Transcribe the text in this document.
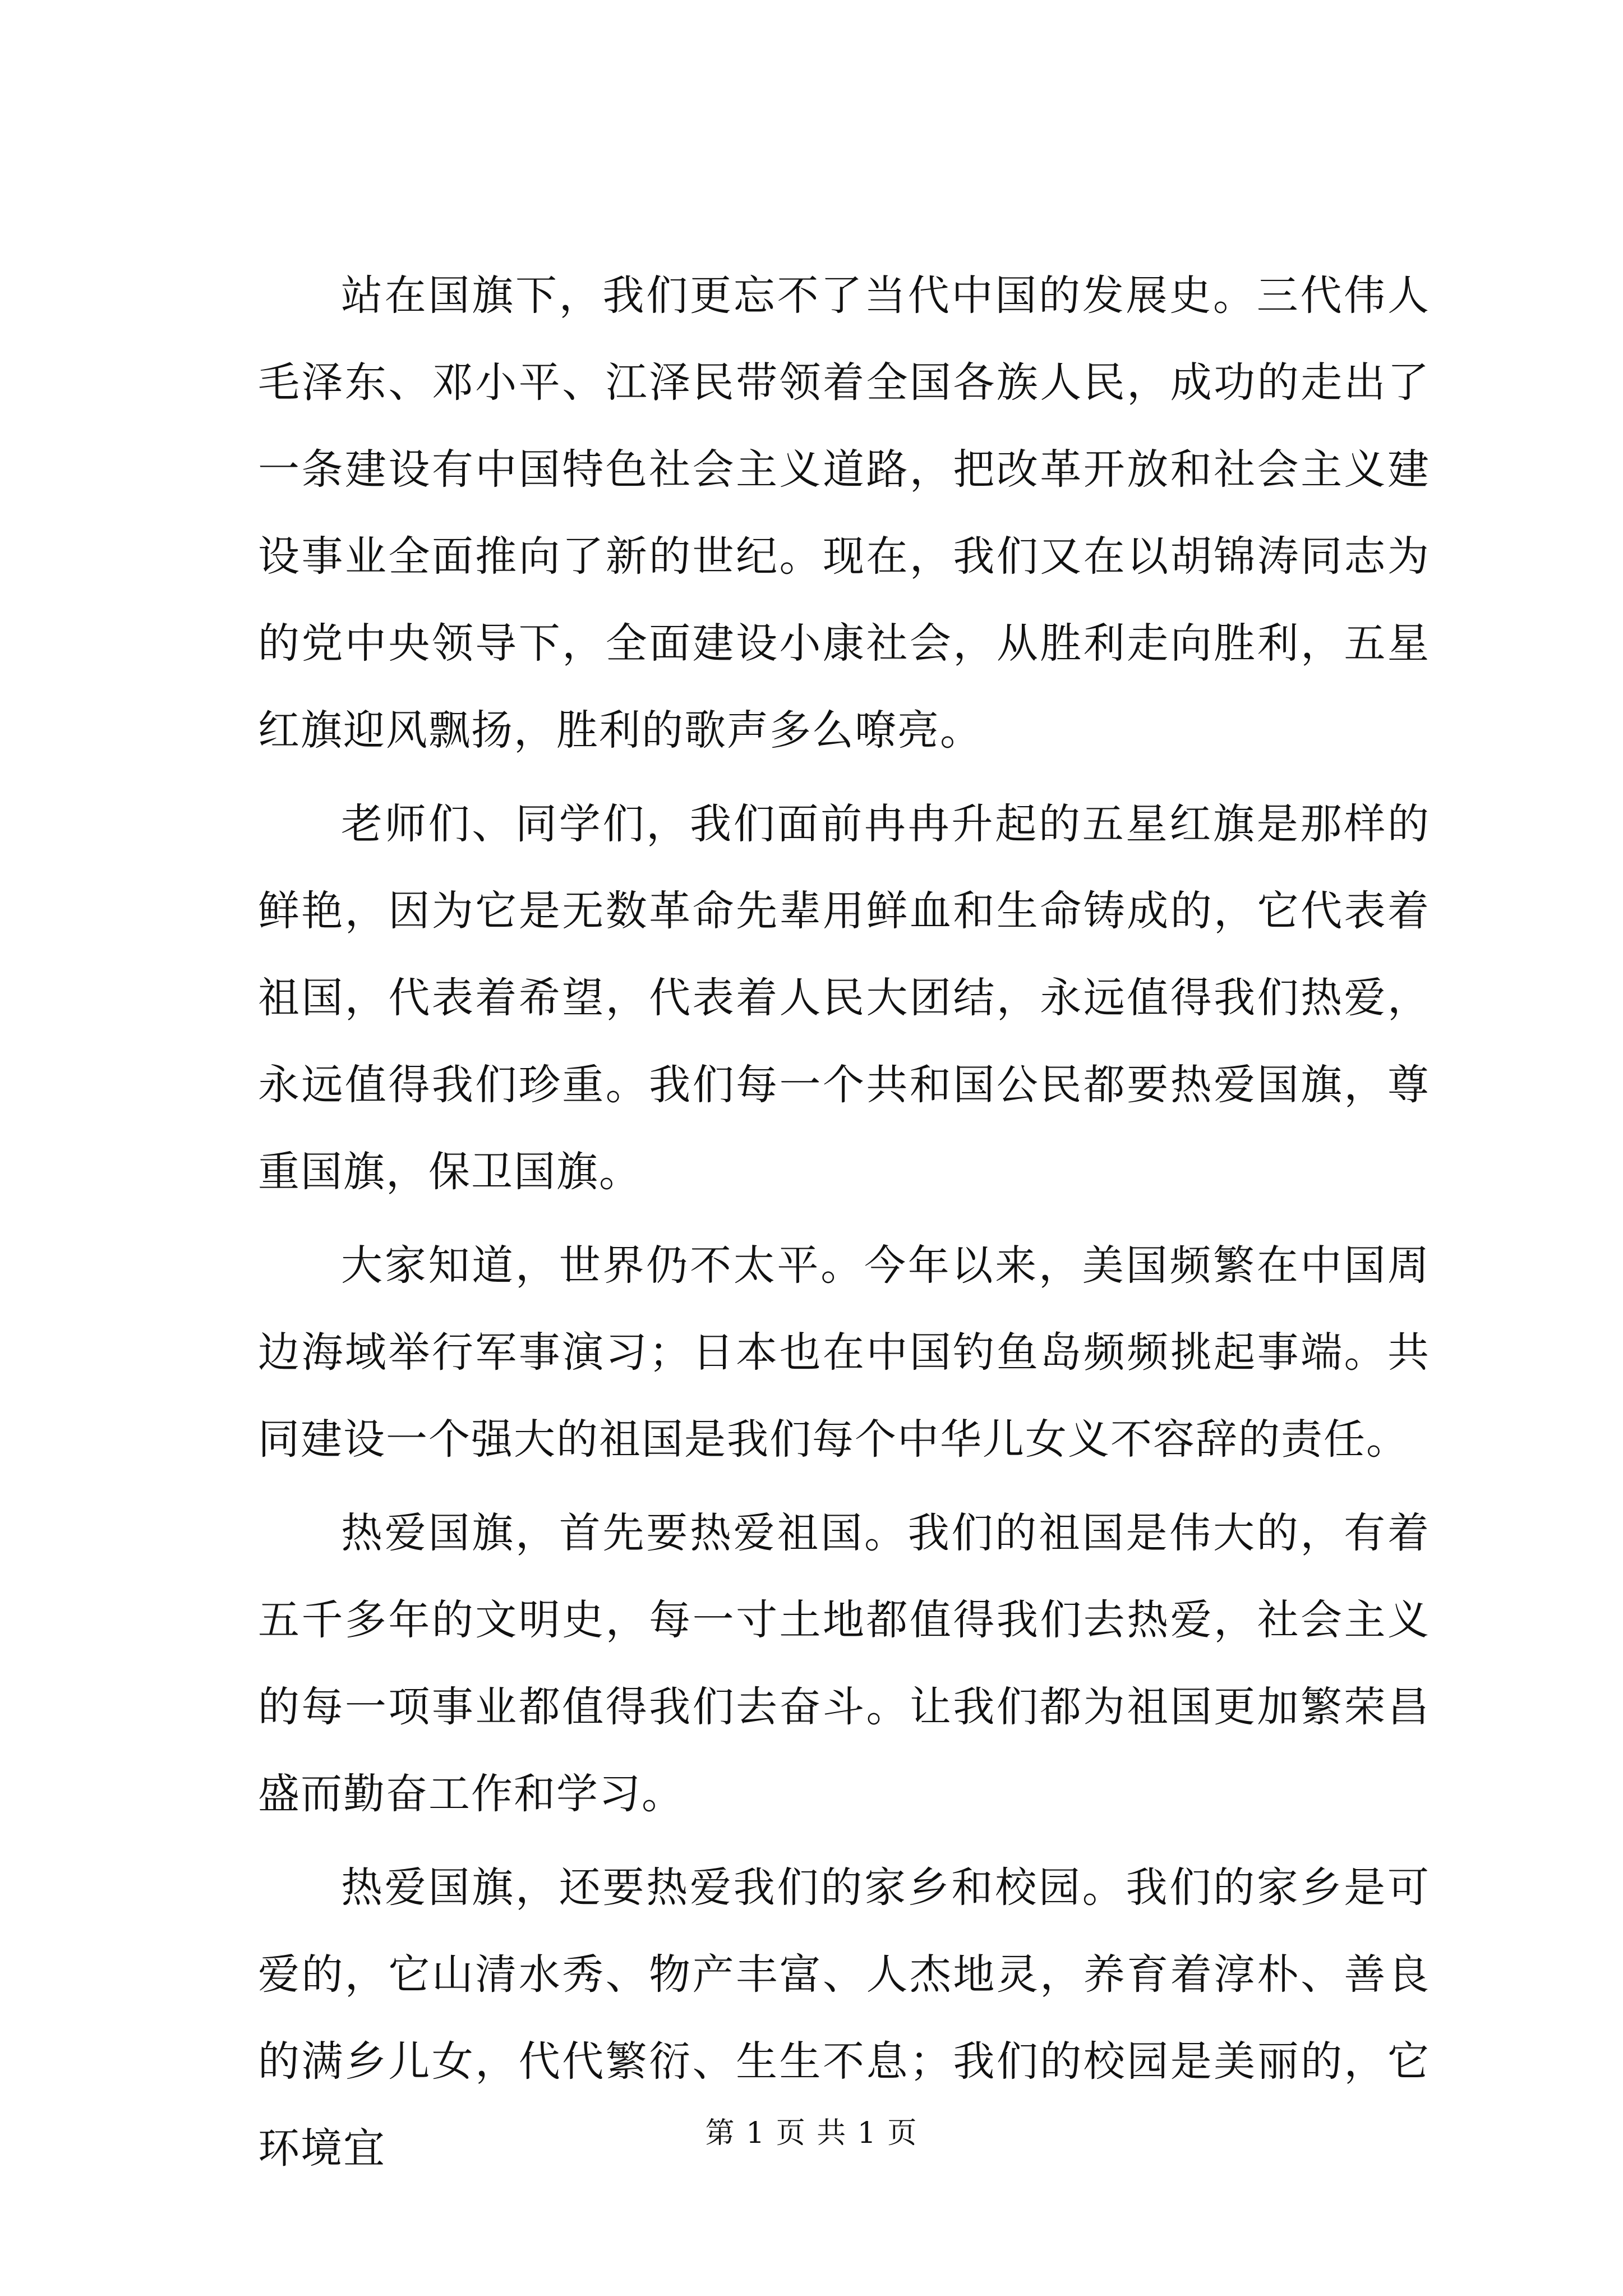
站在国旗下，我们更忘不了当代中国的发展史。三代伟人毛泽东、邓小平、江泽民带领着全国各族人民，成功的走出了一条建设有中国特色社会主义道路，把改革开放和社会主义建设事业全面推向了新的世纪。现在，我们又在以胡锦涛同志为的党中央领导下，全面建设小康社会，从胜利走向胜利，五星红旗迎风飘扬，胜利的歌声多么嘹亮。

老师们、同学们，我们面前冉冉升起的五星红旗是那样的鲜艳，因为它是无数革命先辈用鲜血和生命铸成的，它代表着祖国，代表着希望，代表着人民大团结，永远值得我们热爱，永远值得我们珍重。我们每一个共和国公民都要热爱国旗，尊重国旗，保卫国旗。

大家知道，世界仍不太平。今年以来，美国频繁在中国周边海域举行军事演习；日本也在中国钓鱼岛频频挑起事端。共同建设一个强大的祖国是我们每个中华儿女义不容辞的责任。

热爱国旗，首先要热爱祖国。我们的祖国是伟大的，有着五千多年的文明史，每一寸土地都值得我们去热爱，社会主义的每一项事业都值得我们去奋斗。让我们都为祖国更加繁荣昌盛而勤奋工作和学习。

热爱国旗，还要热爱我们的家乡和校园。我们的家乡是可爱的，它山清水秀、物产丰富、人杰地灵，养育着淳朴、善良的满乡儿女，代代繁衍、生生不息；我们的校园是美丽的，它环境宜	第 1 页 共 1 页
